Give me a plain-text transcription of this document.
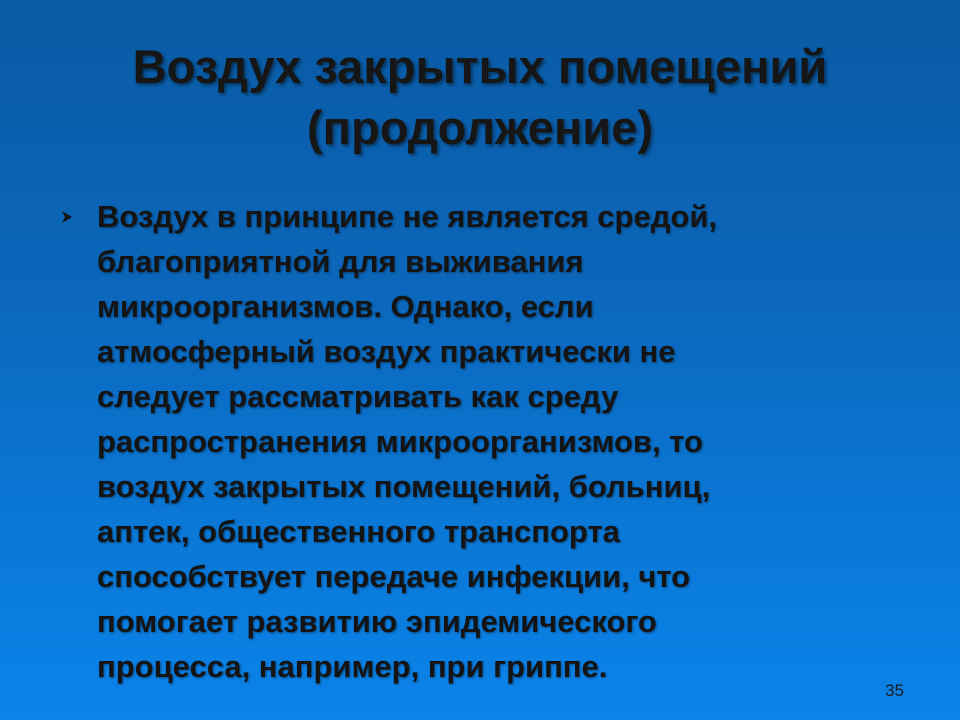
Воздух закрытых помещений
(продолжение)
Воздух в принципе не является средой,
благоприятной для выживания
микроорганизмов. Однако, если
атмосферный воздух практически не
следует рассматривать как среду
распространения микроорганизмов, то
воздух закрытых помещений, больниц,
аптек, общественного транспорта
способствует передаче инфекции, что
помогает развитию эпидемического
процесса, например, при гриппе.
35
